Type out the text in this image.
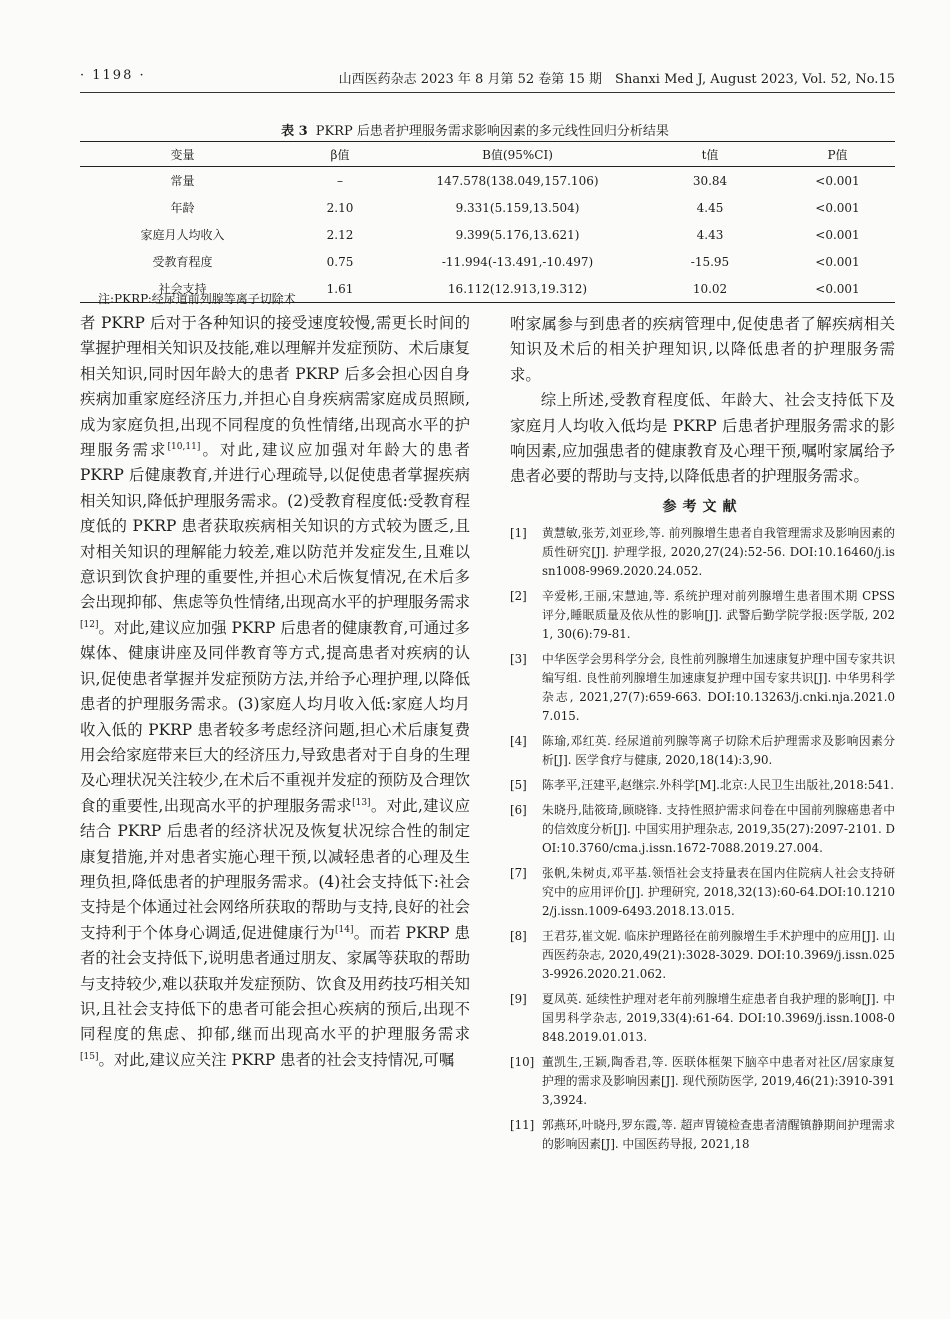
· 1198 ·	山西医药杂志 2023 年 8 月第 52 卷第 15 期　Shanxi Med J, August 2023, Vol. 52, No.15
表 3 PKRP 后患者护理服务需求影响因素的多元线性回归分析结果
变量	β值	B值(95%CI)	t值	P值
常量	–	147.578(138.049,157.106)	30.84	<0.001
年龄	2.10	9.331(5.159,13.504)	4.45	<0.001
家庭月人均收入	2.12	9.399(5.176,13.621)	4.43	<0.001
受教育程度	0.75	-11.994(-13.491,-10.497)	-15.95	<0.001
社会支持	1.61	16.112(12.913,19.312)	10.02	<0.001
注:PKRP:经尿道前列腺等离子切除术

者 PKRP 后对于各种知识的接受速度较慢,需更长时间的掌握护理相关知识及技能,难以理解并发症预防、术后康复相关知识,同时因年龄大的患者 PKRP 后多会担心因自身疾病加重家庭经济压力,并担心自身疾病需家庭成员照顾,成为家庭负担,出现不同程度的负性情绪,出现高水平的护理服务需求[10,11]。对此,建议应加强对年龄大的患者 PKRP 后健康教育,并进行心理疏导,以促使患者掌握疾病相关知识,降低护理服务需求。(2)受教育程度低:受教育程度低的 PKRP 患者获取疾病相关知识的方式较为匮乏,且对相关知识的理解能力较差,难以防范并发症发生,且难以意识到饮食护理的重要性,并担心术后恢复情况,在术后多会出现抑郁、焦虑等负性情绪,出现高水平的护理服务需求[12]。对此,建议应加强 PKRP 后患者的健康教育,可通过多媒体、健康讲座及同伴教育等方式,提高患者对疾病的认识,促使患者掌握并发症预防方法,并给予心理护理,以降低患者的护理服务需求。(3)家庭人均月收入低:家庭人均月收入低的 PKRP 患者较多考虑经济问题,担心术后康复费用会给家庭带来巨大的经济压力,导致患者对于自身的生理及心理状况关注较少,在术后不重视并发症的预防及合理饮食的重要性,出现高水平的护理服务需求[13]。对此,建议应结合 PKRP 后患者的经济状况及恢复状况综合性的制定康复措施,并对患者实施心理干预,以减轻患者的心理及生理负担,降低患者的护理服务需求。(4)社会支持低下:社会支持是个体通过社会网络所获取的帮助与支持,良好的社会支持利于个体身心调适,促进健康行为[14]。而若 PKRP 患者的社会支持低下,说明患者通过朋友、家属等获取的帮助与支持较少,难以获取并发症预防、饮食及用药技巧相关知识,且社会支持低下的患者可能会担心疾病的预后,出现不同程度的焦虑、抑郁,继而出现高水平的护理服务需求[15]。对此,建议应关注 PKRP 患者的社会支持情况,可嘱

咐家属参与到患者的疾病管理中,促使患者了解疾病相关知识及术后的相关护理知识,以降低患者的护理服务需求。

综上所述,受教育程度低、年龄大、社会支持低下及家庭月人均收入低均是 PKRP 后患者护理服务需求的影响因素,应加强患者的健康教育及心理干预,嘱咐家属给予患者必要的帮助与支持,以降低患者的护理服务需求。

参考文献
[1]	黄慧敏,张芳,刘亚珍,等. 前列腺增生患者自我管理需求及影响因素的质性研究[J]. 护理学报, 2020,27(24):52-56. DOI:10.16460/j.issn1008-9969.2020.24.052.
[2]	辛爱彬,王丽,宋慧迪,等. 系统护理对前列腺增生患者围术期 CPSS 评分,睡眠质量及依从性的影响[J]. 武警后勤学院学报:医学版, 2021, 30(6):79-81.
[3]	中华医学会男科学分会, 良性前列腺增生加速康复护理中国专家共识编写组. 良性前列腺增生加速康复护理中国专家共识[J]. 中华男科学杂志, 2021,27(7):659-663. DOI:10.13263/j.cnki.nja.2021.07.015.
[4]	陈瑜,邓红英. 经尿道前列腺等离子切除术后护理需求及影响因素分析[J]. 医学食疗与健康, 2020,18(14):3,90.
[5]	陈孝平,汪建平,赵继宗.外科学[M].北京:人民卫生出版社,2018:541.
[6]	朱晓丹,陆筱琦,顾晓锋. 支持性照护需求问卷在中国前列腺癌患者中的信效度分析[J]. 中国实用护理杂志, 2019,35(27):2097-2101. DOI:10.3760/cma.j.issn.1672-7088.2019.27.004.
[7]	张帆,朱树贞,邓平基.领悟社会支持量表在国内住院病人社会支持研究中的应用评价[J]. 护理研究, 2018,32(13):60-64.DOI:10.12102/j.issn.1009-6493.2018.13.015.
[8]	王君芬,崔文妮. 临床护理路径在前列腺增生手术护理中的应用[J]. 山西医药杂志, 2020,49(21):3028-3029. DOI:10.3969/j.issn.0253-9926.2020.21.062.
[9]	夏凤英. 延续性护理对老年前列腺增生症患者自我护理的影响[J]. 中国男科学杂志, 2019,33(4):61-64. DOI:10.3969/j.issn.1008-0848.2019.01.013.
[10] 董凯生,王颖,陶香君,等. 医联体框架下脑卒中患者对社区/居家康复护理的需求及影响因素[J]. 现代预防医学, 2019,46(21):3910-3913,3924.
[11] 郭燕环,叶晓丹,罗东霞,等. 超声胃镜检查患者清醒镇静期间护理需求的影响因素[J]. 中国医药导报, 2021,18
